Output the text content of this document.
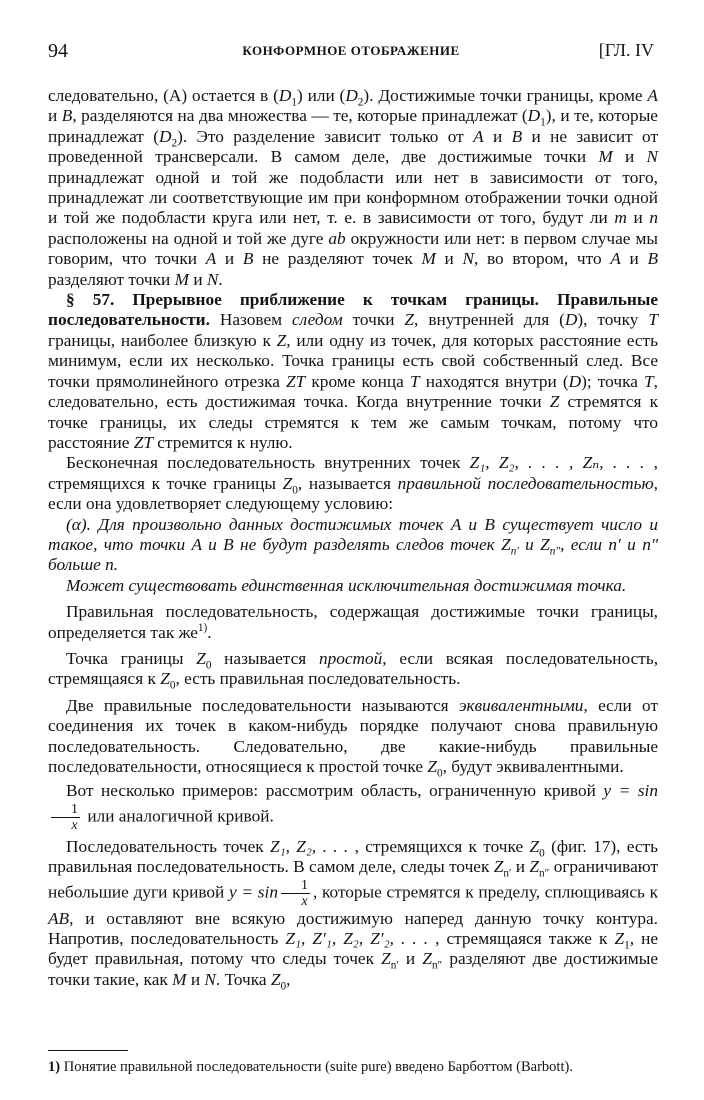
94	КОНФОРМНОЕ ОТОБРАЖЕНИЕ	[ГЛ. IV

следовательно, (A) остается в $(D_1)$ или $(D_2)$. Достижимые точки границы, кроме A и B, разделяются на два множества — те, которые принадлежат $(D_1)$, и те, которые принадлежат $(D_2)$. Это разделение зависит только от A и B и не зависит от проведенной трансверсали. В самом деле, две достижимые точки M и N принадлежат одной и той же подобласти или нет в зависимости от того, принадлежат ли соответствующие им при конформном отображении точки одной и той же подобласти круга или нет, т. е. в зависимости от того, будут ли m и n расположены на одной и той же дуге ab окружности или нет: в первом случае мы говорим, что точки A и B не разделяют точек M и N, во втором, что A и B разделяют точки M и N.

§ 57. Прерывное приближение к точкам границы. Правильные последовательности. Назовем следом точки Z, внутренней для (D), точку T границы, наиболее близкую к Z, или одну из точек, для которых расстояние есть минимум, если их несколько. Точка границы есть свой собственный след. Все точки прямолинейного отрезка ZT кроме конца T находятся внутри (D); точка T, следовательно, есть достижимая точка. Когда внутренние точки Z стремятся к точке границы, их следы стремятся к тем же самым точкам, потому что расстояние ZT стремится к нулю.

Бесконечная последовательность внутренних точек Z₁, Z₂, . . . , Zₙ, . . . , стремящихся к точке границы $Z_0$, называется правильной последовательностью, если она удовлетворяет следующему условию:

(α). Для произвольно данных достижимых точек A и B существует число и такое, что точки A и B не будут разделять следов точек $Z_{n'}$ и $Z_{n''}$, если n′ и n″ больше n.

Может существовать единственная исключительная достижимая точка.

Правильная последовательность, содержащая достижимые точки границы, определяется так $же^{1)}$.

Точка границы $Z_0$ называется простой, если всякая последовательность, стремящаяся к $Z_0$, есть правильная последовательность.

Две правильные последовательности называются эквивалентными, если от соединения их точек в каком-нибудь порядке получают снова правильную последовательность. Следовательно, две какие-нибудь правильные последовательности, относящиеся к простой точке $Z_0$, будут эквивалентными.

Вот несколько примеров: рассмотрим область, ограниченную кривой y = sin
$\frac{1}{x}$ или аналогичной кривой.

Последовательность точек Z₁, Z₂, . . . , стремящихся к точке $Z_0$ (фиг. 17), есть правильная последовательность. В самом деле, следы точек $Z_{n'}$ и $Z_{n''}$ ограничивают небольшие дуги кривой $y = \sin \frac{1}{x}$ , которые стремятся к пределу, сплющиваясь к AB, и оставляют вне всякую достижимую наперед данную точку контура. Напротив, последовательность Z₁, Z′₁, Z₂, Z′₂, . . . , стремящаяся также к $Z_1$, не будет правильная, потому что следы точек $Z_{n'}$ и $Z_{n''}$ разделяют две достижимые точки такие, как M и N. Точка $Z_0$,

1) Понятие правильной последовательности (suite pure) введено Барботтом (Barbott).
